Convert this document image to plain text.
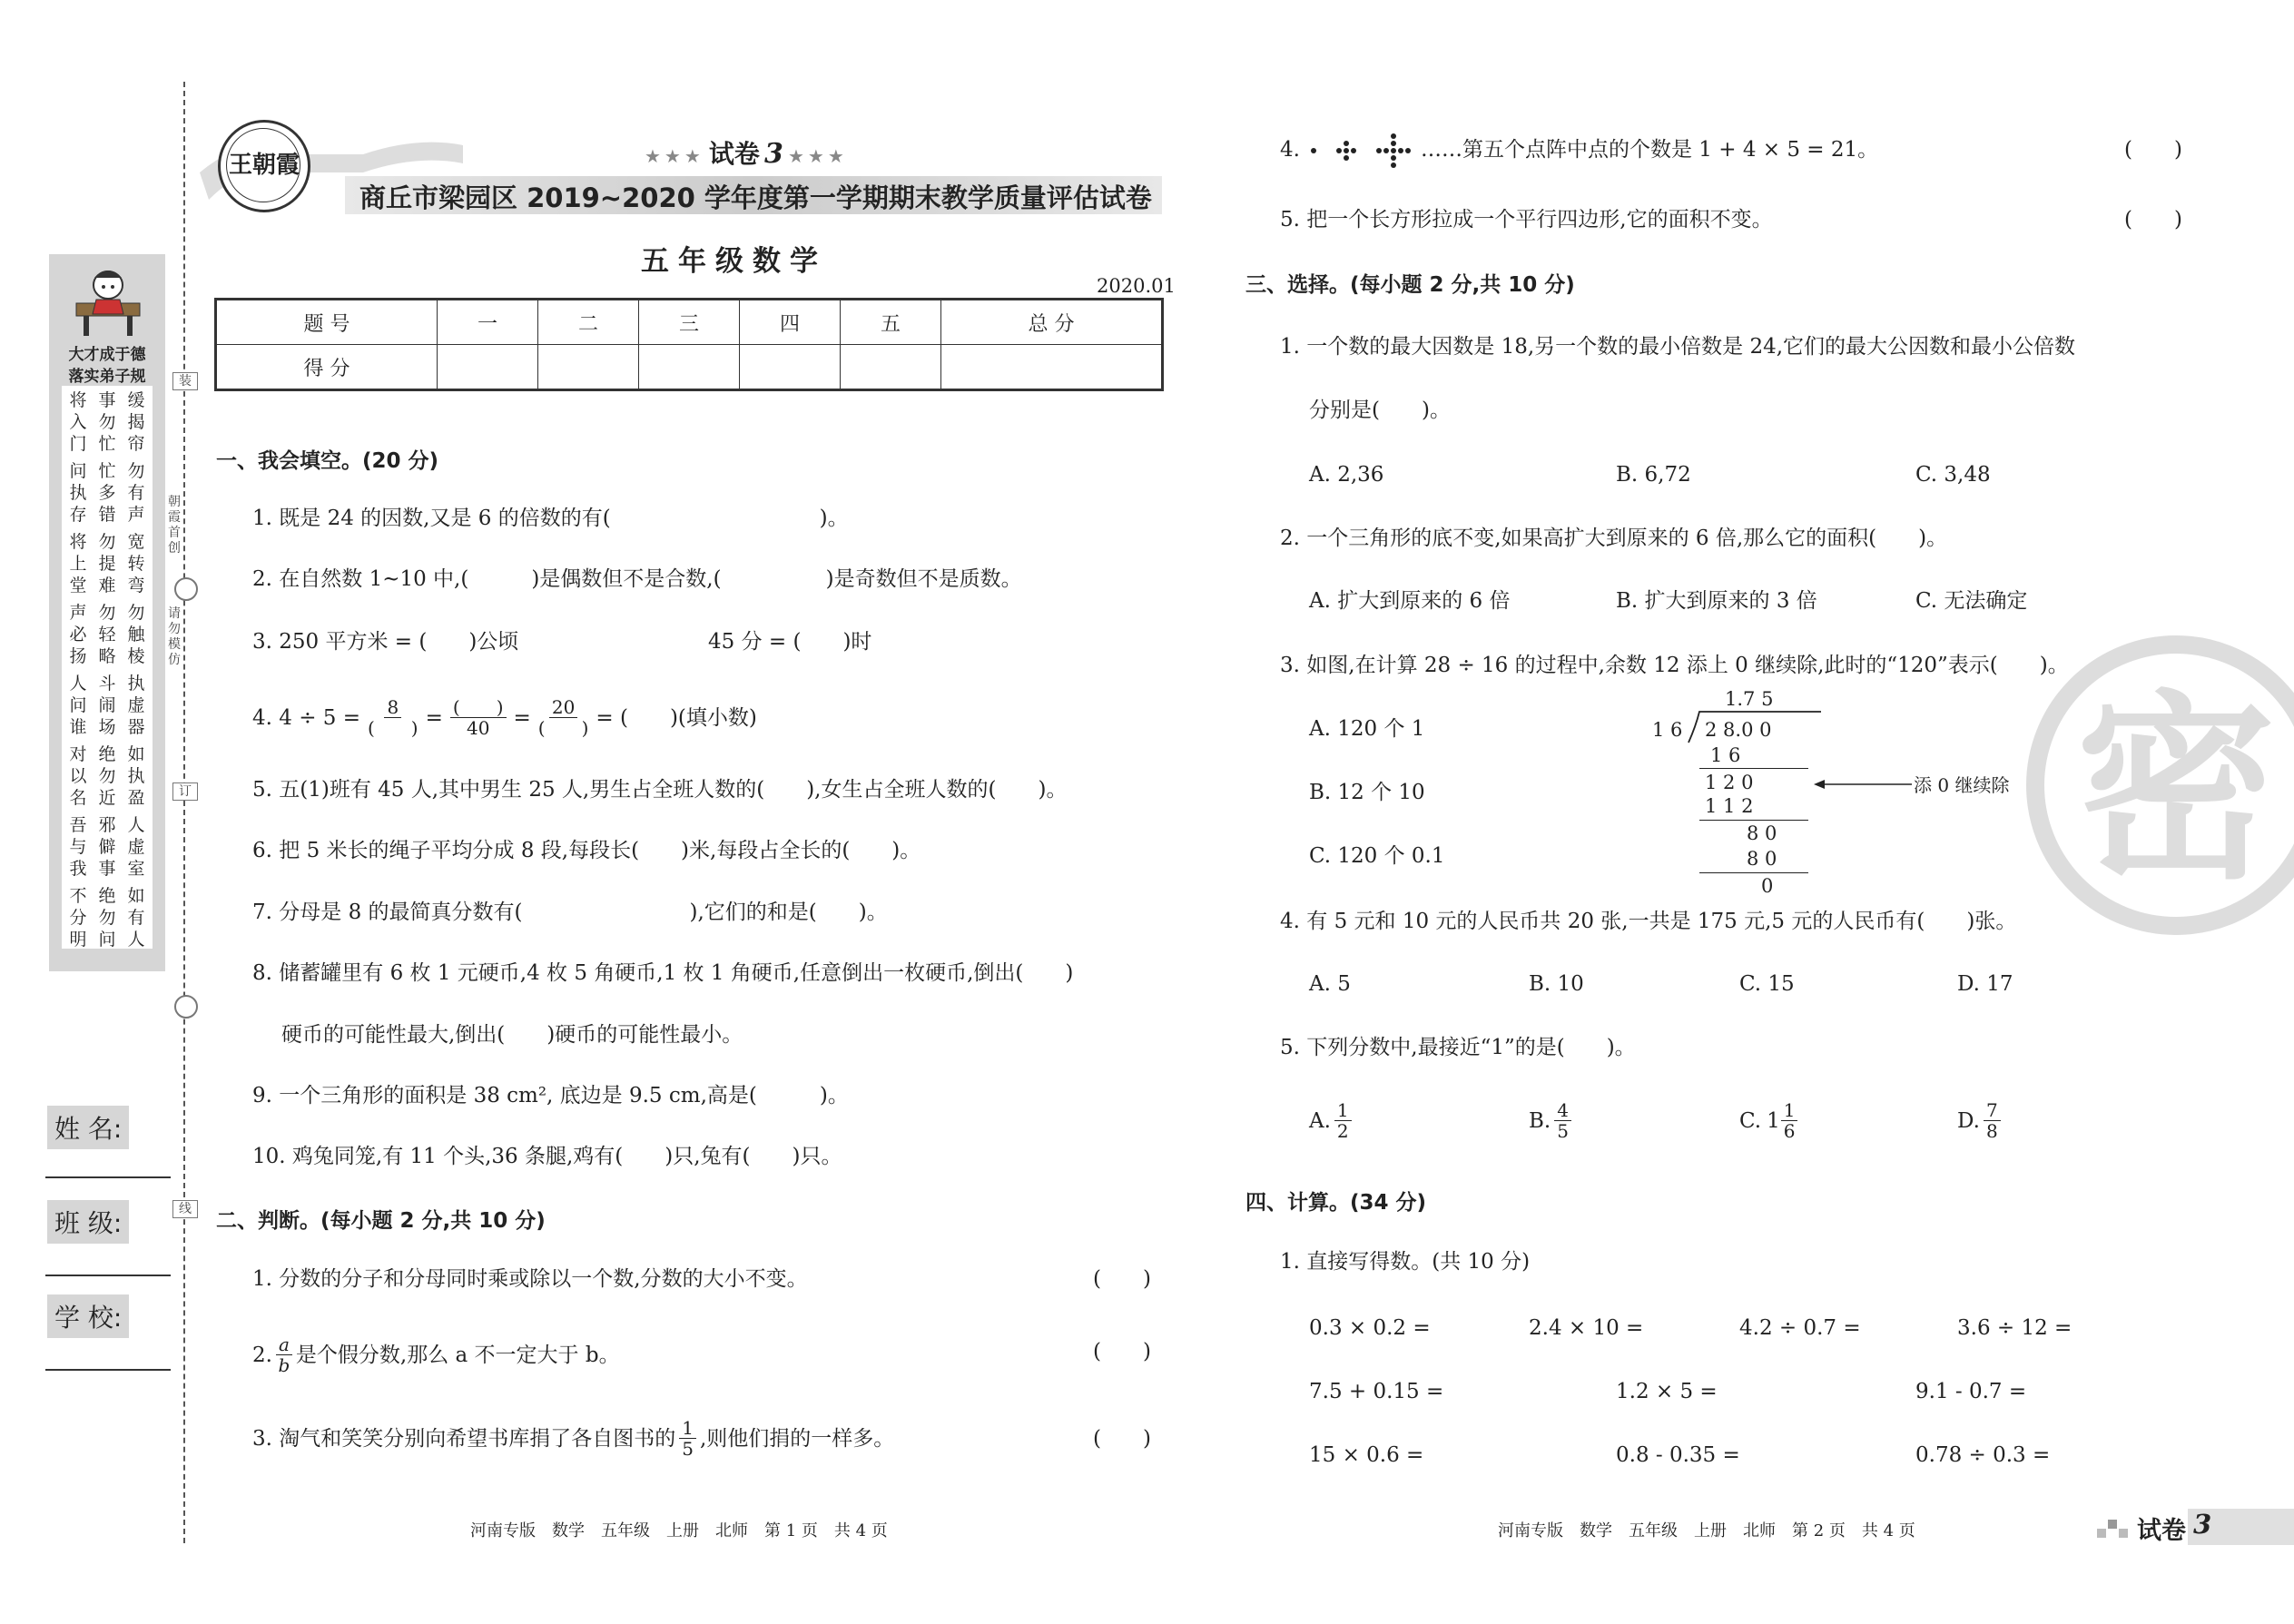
装
订
线
朝霞首创
请勿模仿
大才成于德
落实弟子规
将入门
事勿忙
缓揭帘
问执存
忙多错
勿有声
将上堂
勿提难
宽转弯
声必扬
勿轻略
勿触棱
人问谁
斗闹场
执虚器
对以名
绝勿近
如执盈
吾与我
邪僻事
人虚室
不分明
绝勿问
如有人
姓 名:
班 级:
学 校:
王朝霞	★★★ 试卷 3 ★★★
商丘市梁园区 2019~2020 学年度第一学期期末教学质量评估试卷
五年级数学
2020.01
题 号	一	二	三	四	五	总 分
得 分						
一、我会填空。(20 分)
1. 既是 24 的因数,又是 6 的倍数的有(　　　　　　　　　　)。
2. 在自然数 1~10 中,(　　　)是偶数但不是合数,(　　　　　)是奇数但不是质数。
3. 250 平方米 = (　　)公顷	45 分 = (　　)时
4. $4 \div 5 = \frac{8}{( )} = \frac{( )}{40} = \frac{20}{( )}$ = (　　)(填小数)
5. 五(1)班有 45 人,其中男生 25 人,男生占全班人数的(　　),女生占全班人数的(　　)。
6. 把 5 米长的绳子平均分成 8 段,每段长(　　)米,每段占全长的(　　)。
7. 分母是 8 的最简真分数有(　　　　　　　　),它们的和是(　　)。
8. 储蓄罐里有 6 枚 1 元硬币,4 枚 5 角硬币,1 枚 1 角硬币,任意倒出一枚硬币,倒出(　　)
硬币的可能性最大,倒出(　　)硬币的可能性最小。
9. 一个三角形的面积是 38 cm², 底边是 9.5 cm,高是(　　　)。
10. 鸡兔同笼,有 11 个头,36 条腿,鸡有(　　)只,兔有(　　)只。
二、判断。(每小题 2 分,共 10 分)
1. 分数的分子和分母同时乘或除以一个数,分数的大小不变。	(　　)
2. $\frac{a}{b}$ 是个假分数,那么 a 不一定大于 b。	(　　)
3. 淘气和笑笑分别向希望书库捐了各自图书的 $\frac{1}{5}$ ,则他们捐的一样多。	(　　)
4.	……第五个点阵中点的个数是 1 + 4 × 5 = 21。	(　　)
5. 把一个长方形拉成一个平行四边形,它的面积不变。	(　　)
三、选择。(每小题 2 分,共 10 分)
1. 一个数的最大因数是 18,另一个数的最小倍数是 24,它们的最大公因数和最小公倍数
分别是(　　)。
A. 2,36	B. 6,72	C. 3,48
2. 一个三角形的底不变,如果高扩大到原来的 6 倍,那么它的面积(　　)。
A. 扩大到原来的 6 倍	B. 扩大到原来的 3 倍	C. 无法确定
3. 如图,在计算 28 ÷ 16 的过程中,余数 12 添上 0 继续除,此时的“120”表示(　　)。
A. 120 个 1
B. 12 个 10
C. 120 个 0.1
1.7 5
1 6 2 8.0 0
1 6
1 2 0
1 1 2
8 0
8 0
0
添 0 继续除
4. 有 5 元和 10 元的人民币共 20 张,一共是 175 元,5 元的人民币有(　　)张。
A. 5	B. 10	C. 15	D. 17
5. 下列分数中,最接近“1”的是(　　)。
A. $\frac{1}{2}$	B. $\frac{4}{5}$	C. $1 \frac{1}{6}$	D. $\frac{7}{8}$
四、计算。(34 分)
1. 直接写得数。(共 10 分)
0.3 × 0.2 =	2.4 × 10 =	4.2 ÷ 0.7 =	3.6 ÷ 12 =
7.5 + 0.15 =	1.2 × 5 =	9.1 - 0.7 =
15 × 0.6 =	0.8 - 0.35 =	0.78 ÷ 0.3 =
密
河南专版　数学　五年级　上册　北师　第 1 页　共 4 页	河南专版　数学　五年级　上册　北师　第 2 页　共 4 页	试卷 3
